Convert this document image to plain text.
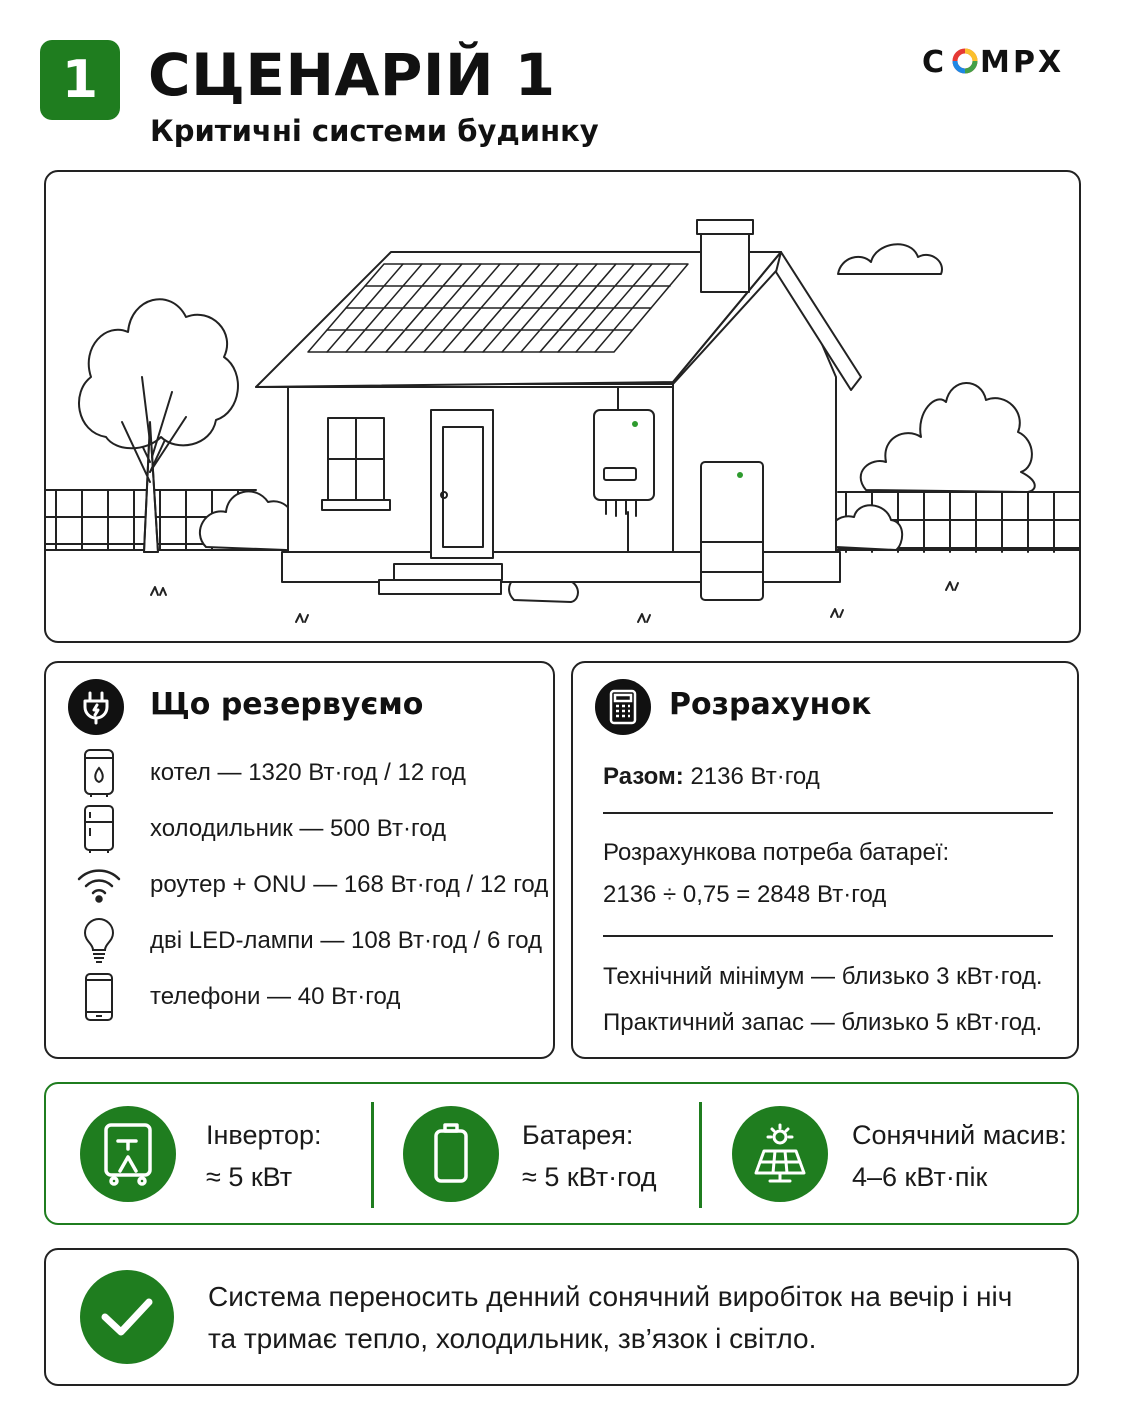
1 СЦЕНАРІЙ 1
Критичні системи будинку
C M P X
Що резервуємо
котел — 1320 Вт·год / 12 год
холодильник — 500 Вт·год
роутер + ONU — 168 Вт·год / 12 год
дві LED-лампи — 108 Вт·год / 6 год
телефони — 40 Вт·год
Розрахунок
Разом: 2136 Вт·год
Розрахункова потреба батареї:
2136 ÷ 0,75 = 2848 Вт·год
Технічний мінімум — близько 3 кВт·год.
Практичний запас — близько 5 кВт·год.
Інвертор:
≈ 5 кВт
Батарея:
≈ 5 кВт·год
Сонячний масив:
4–6 кВт·пік
Система переносить денний сонячний виробіток на вечір і ніч
та тримає тепло, холодильник, зв’язок і світло.
